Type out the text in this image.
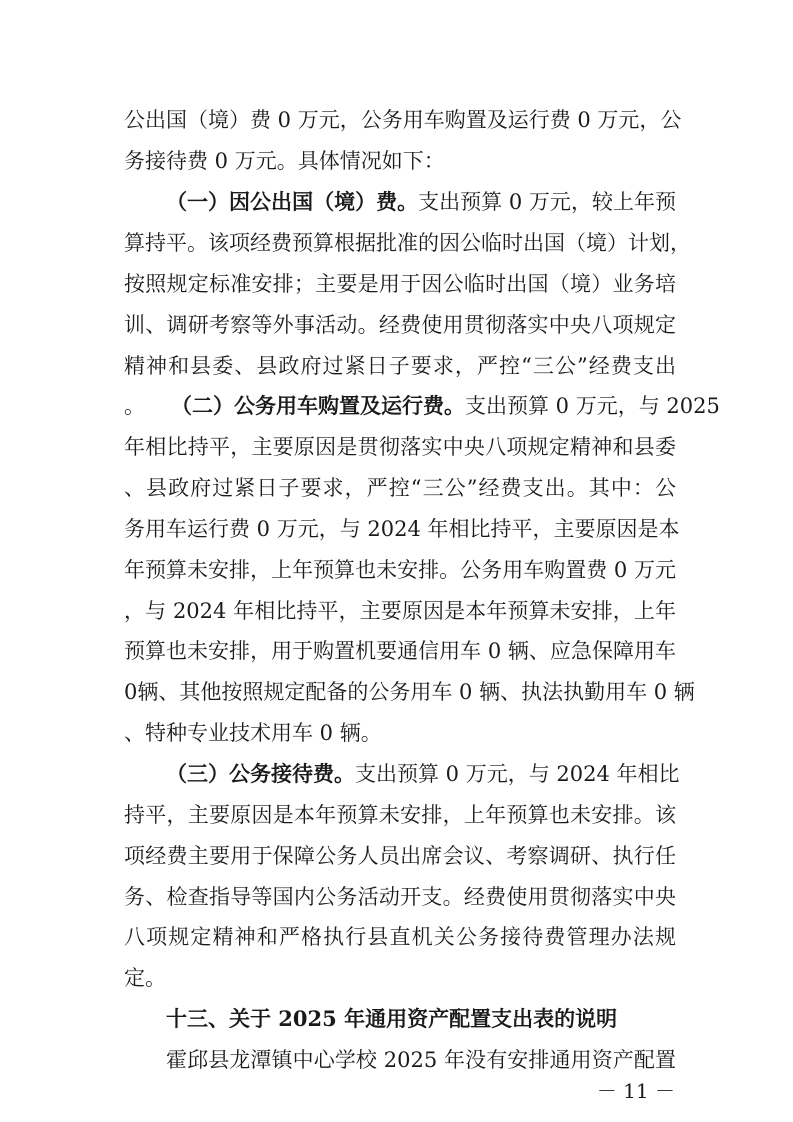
公出国（境）费 0 万元，公务用车购置及运行费 0 万元，公
务接待费 0 万元。具体情况如下：
（一）因公出国（境）费。支出预算 0 万元，较上年预
算持平。该项经费预算根据批准的因公临时出国（境）计划，
按照规定标准安排；主要是用于因公临时出国（境）业务培
训、调研考察等外事活动。经费使用贯彻落实中央八项规定
精神和县委、县政府过紧日子要求，严控“三公”经费支出
。 （二）公务用车购置及运行费。支出预算 0 万元，与 2025
年相比持平，主要原因是贯彻落实中央八项规定精神和县委
、县政府过紧日子要求，严控“三公”经费支出。其中：公
务用车运行费 0 万元，与 2024 年相比持平，主要原因是本
年预算未安排，上年预算也未安排。公务用车购置费 0 万元
，与 2024 年相比持平，主要原因是本年预算未安排，上年
预算也未安排，用于购置机要通信用车 0 辆、应急保障用车
0辆、其他按照规定配备的公务用车 0 辆、执法执勤用车 0 辆
、特种专业技术用车 0 辆。
（三）公务接待费。支出预算 0 万元，与 2024 年相比
持平，主要原因是本年预算未安排，上年预算也未安排。该
项经费主要用于保障公务人员出席会议、考察调研、执行任
务、检查指导等国内公务活动开支。经费使用贯彻落实中央
八项规定精神和严格执行县直机关公务接待费管理办法规
定。
十三、关于 2025 年通用资产配置支出表的说明
霍邱县龙潭镇中心学校 2025 年没有安排通用资产配置
－ 11 －
